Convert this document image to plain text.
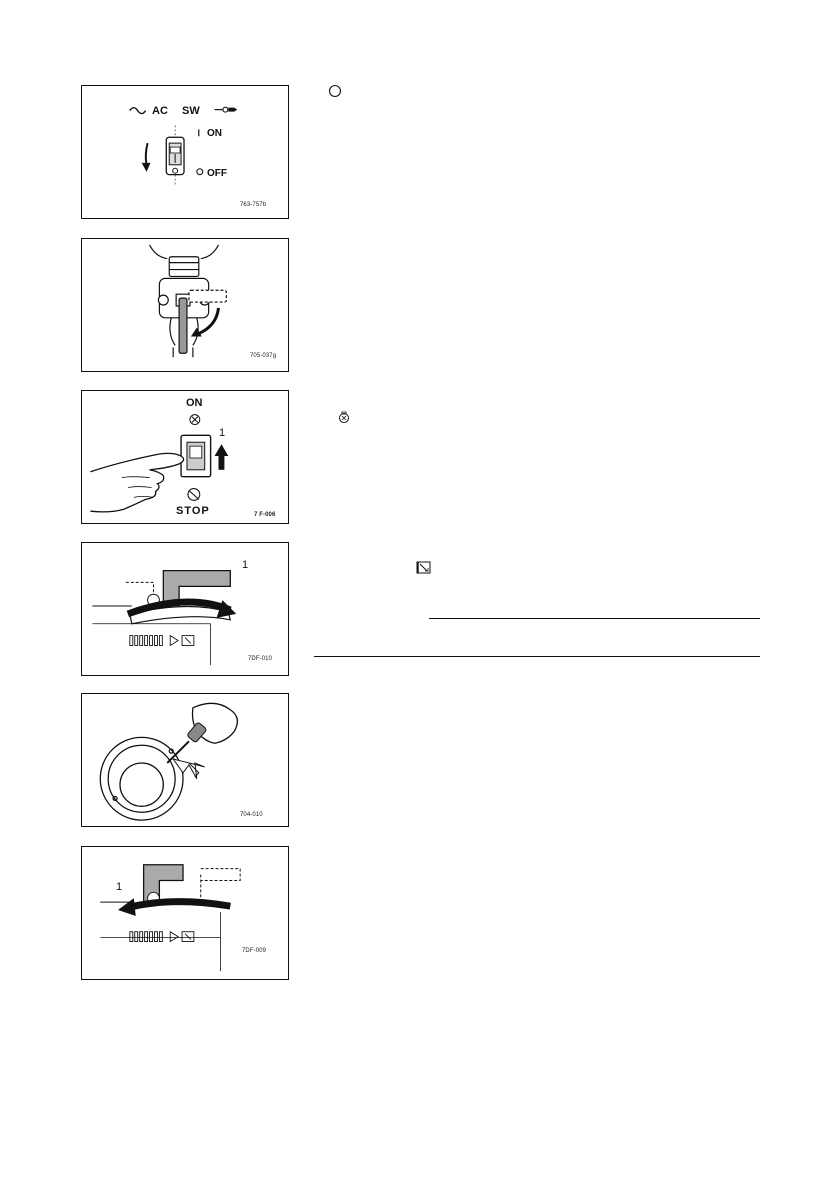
AC SW
ON
OFF
763-757b
705-037g
ON
1
STOP	7 F-006
1
7DF-010
704-010
1
7DF-009
